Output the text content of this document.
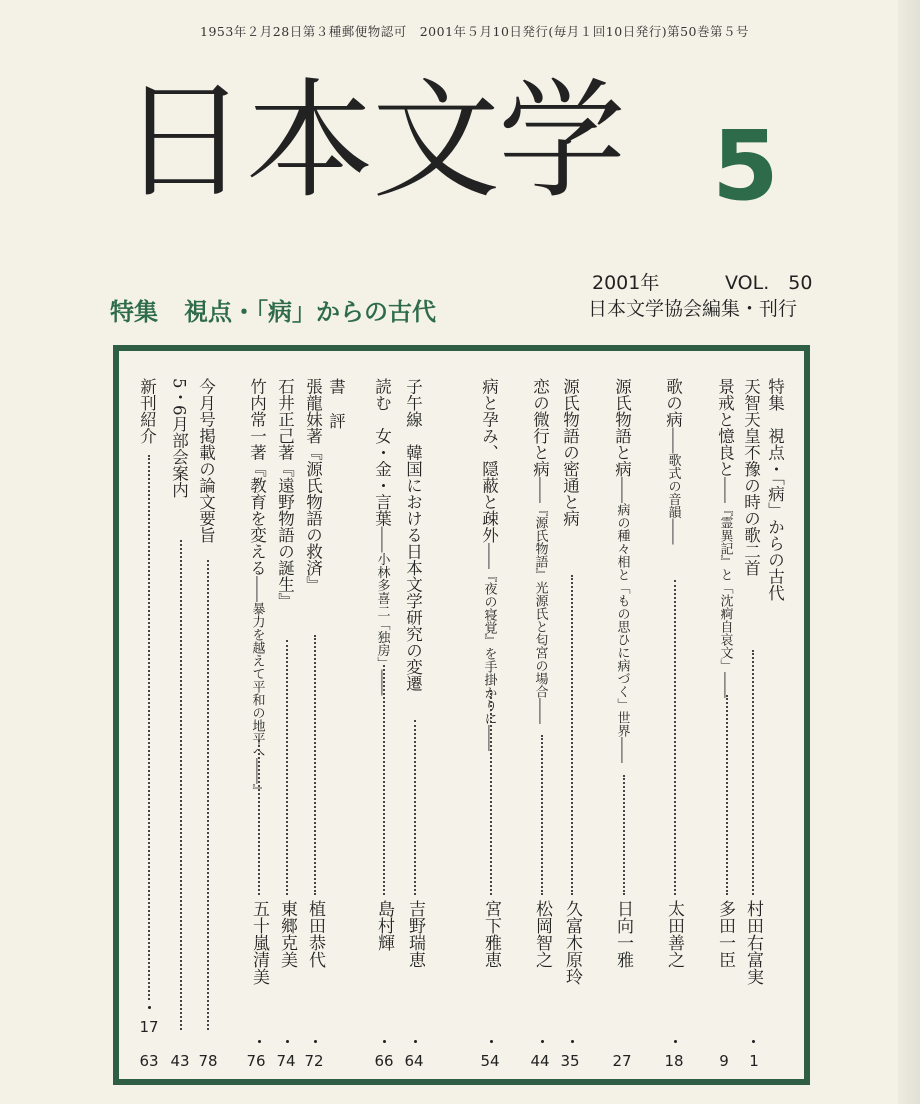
1953年２月28日第３種郵便物認可　2001年５月10日発行(毎月１回10日発行)第50巻第５号
日本文学 5
2001年	VOL.　50
日本文学協会編集・刊行
特集 視点・「病」からの古代
特集　視点・「病」からの古代
天智天皇不豫の時の歌二首
村田右富実
1
景戒と憶良と――『霊異記』と「沈痾自哀文」――
多田一臣
9
歌の病――歌式の音韻――
太田善之
18
源氏物語と病――病の種々相と「もの思ひに病づく」世界――
日向一雅
27
源氏物語の密通と病
久富木原玲
35
恋の微行と病――『源氏物語』光源氏と匂宮の場合――
松岡智之
44
病と孕み、隠蔽と疎外――『夜の寝覚』を手掛かりに――
宮下雅恵
54
子午線　韓国における日本文学研究の変遷
吉野瑞恵
64
読む　女・金・言葉――小林多喜二「独房」――
島村輝
66
書評
張龍妹著『源氏物語の救済』
植田恭代
72
石井正己著『遠野物語の誕生』
東郷克美
74
竹内常一著『教育を変える――暴力を越えて平和の地平へ――』
五十嵐清美
76
今月号掲載の論文要旨
78
5・6月部会案内
43
新刊紹介
17
63
